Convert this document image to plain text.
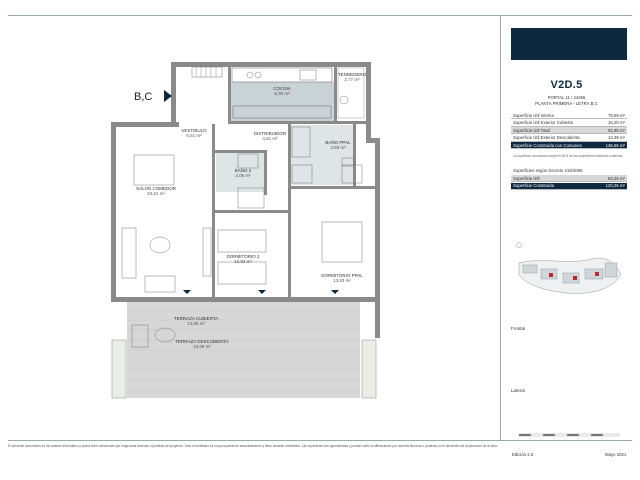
B,C
TENDEDERO
2,77 m²
COCINA
8,30 m²
VESTIBULO
6,51 m²	DISTRIBUIDOR
4,61 m²
BAÑO PPAL
3,89 m²
SALON COMEDOR
23,61 m²
BAÑO 2
3,05 m²
DORMITORIO 2
10,83 m²
DORMITORIO PPAL
13,83 m²
TERRAZA CUBIERTA
13,69 m²
TERRAZA DESCUBIERTA
10,69 m²
V2D.5
PORTAL 11 / 24266
PLANTA PRIMERA - LETRA B,C
Superficie Útil Interior	75,59 m²
Superficie Útil Exterior Cubierta	16,20 m²
Superficie Útil Total	91,85 m²
Superficie Útil Exterior Descubierta	13,39 m²
Superficie Construida con Comunes	136,66 m²
La superficie construida incluye el 50% de las superficies exteriores cubiertas.
Superficies según Decreto 218/2005
Superficie Útil	83,26 m²
Superficie Construida	120,25 m²
Frontal
Lateral
El presente documento es de carácter informativo y podrá sufrir variaciones por exigencias técnicas o jurídicas del proyecto. Todo el mobiliario es una propuesta de amueblamiento y tiene carácter orientativo. Las superficies son aproximadas y podrán sufrir modificaciones por razones técnicas o jurídicas en el desarrollo de la ejecución de la obra.
Edición 2.0	Mayo 2021
